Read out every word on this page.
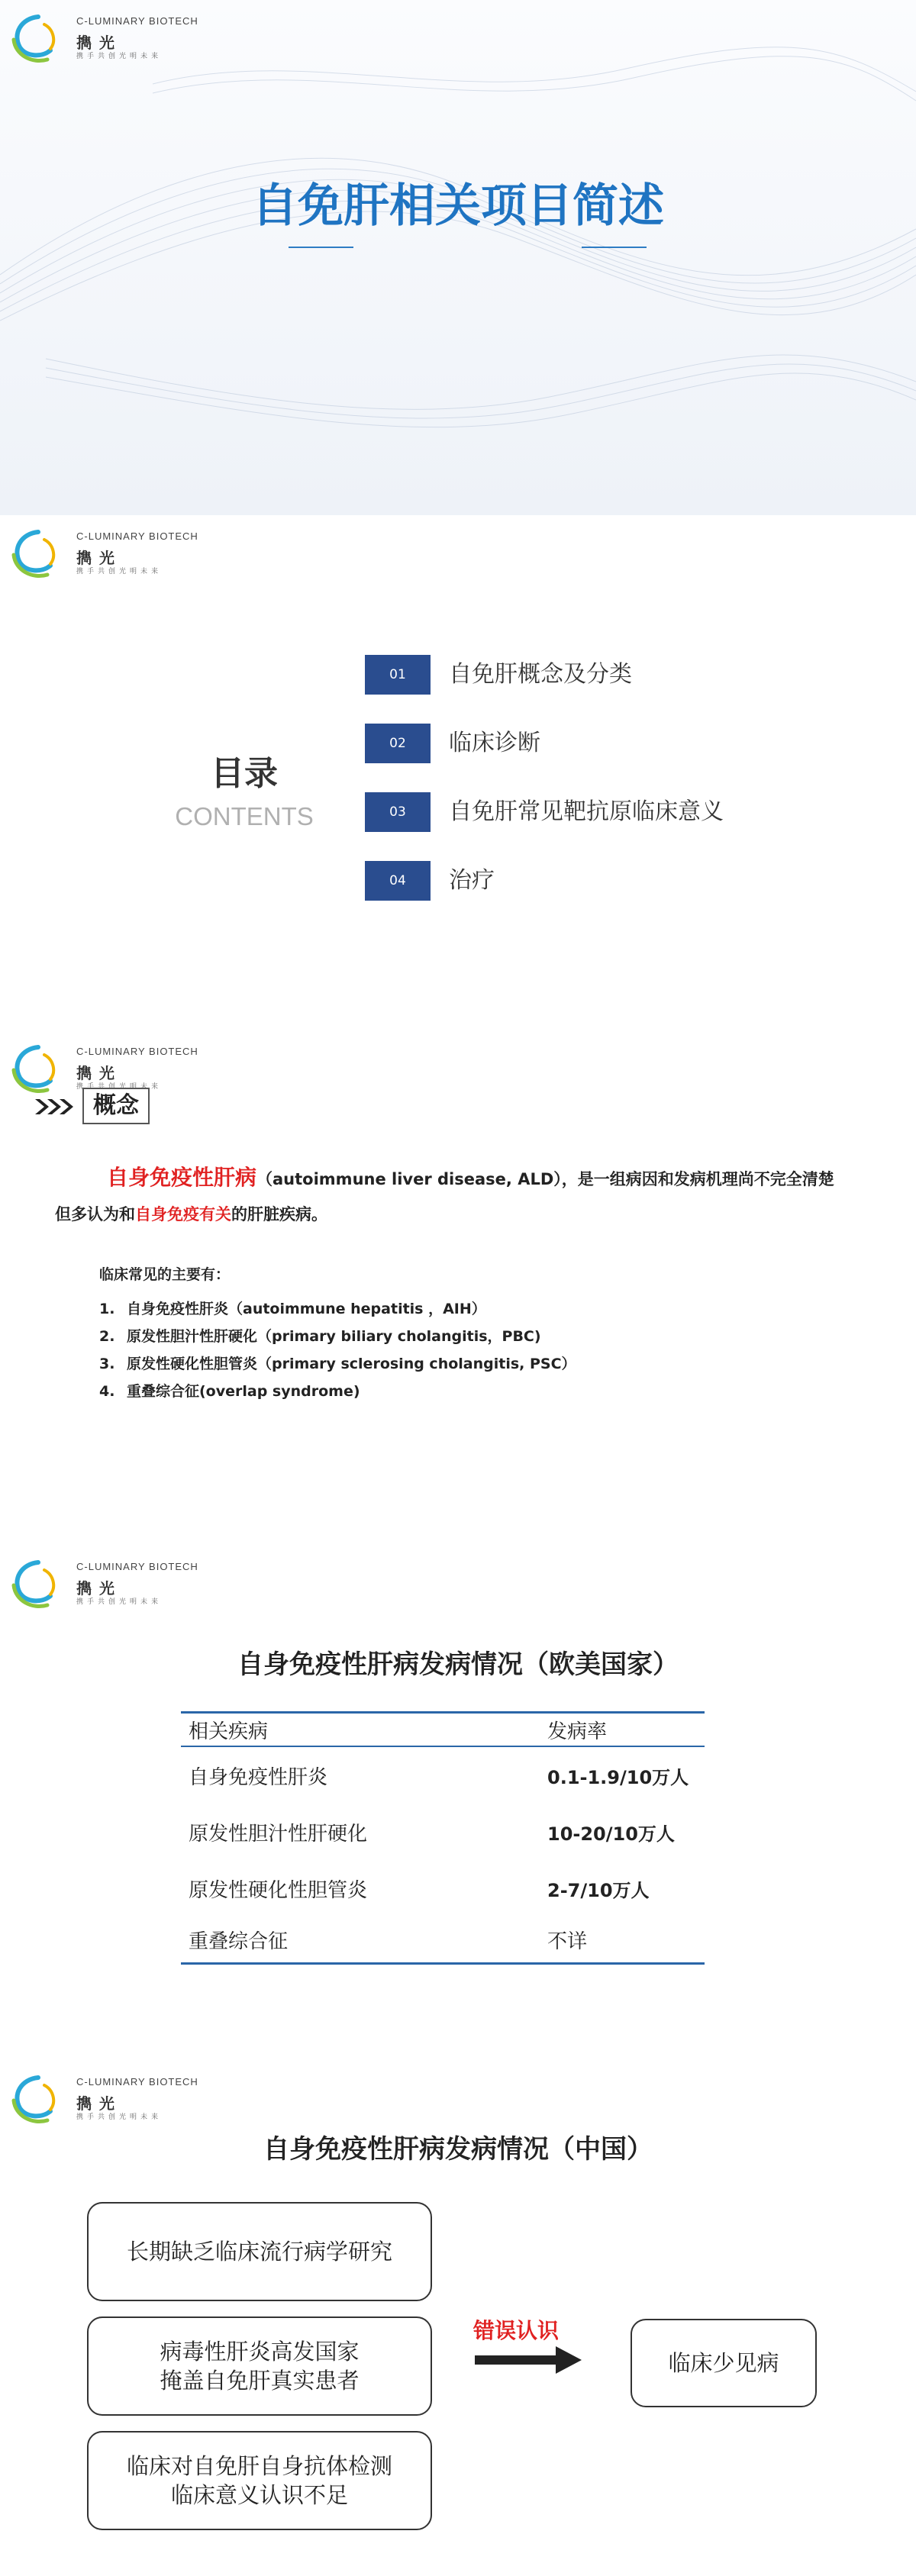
C-LUMINARY BIOTECH
擕光
携手共创光明未来
自免肝相关项目简述
C-LUMINARY BIOTECH
擕光
携手共创光明未来
目录
CONTENTS
01	自免肝概念及分类
02	临床诊断
03	自免肝常见靶抗原临床意义
04	治疗
C-LUMINARY BIOTECH
擕光
携手共创光明未来
概念
自身免疫性肝病（autoimmune liver disease, ALD），是一组病因和发病机理尚不完全清楚但多认为和自身免疫有关的肝脏疾病。
临床常见的主要有：
1. 自身免疫性肝炎（autoimmune hepatitis ，AIH）
2. 原发性胆汁性肝硬化（primary biliary cholangitis，PBC)
3. 原发性硬化性胆管炎（primary sclerosing cholangitis, PSC）
4. 重叠综合征(overlap syndrome)
C-LUMINARY BIOTECH
擕光
携手共创光明未来
自身免疫性肝病发病情况（欧美国家）
相关疾病	发病率
自身免疫性肝炎	0.1-1.9/10万人
原发性胆汁性肝硬化	10-20/10万人
原发性硬化性胆管炎	2-7/10万人
重叠综合征	不详
C-LUMINARY BIOTECH
擕光
携手共创光明未来
自身免疫性肝病发病情况（中国）
长期缺乏临床流行病学研究
病毒性肝炎高发国家
掩盖自免肝真实患者
临床对自免肝自身抗体检测
临床意义认识不足
错误认识
临床少见病
